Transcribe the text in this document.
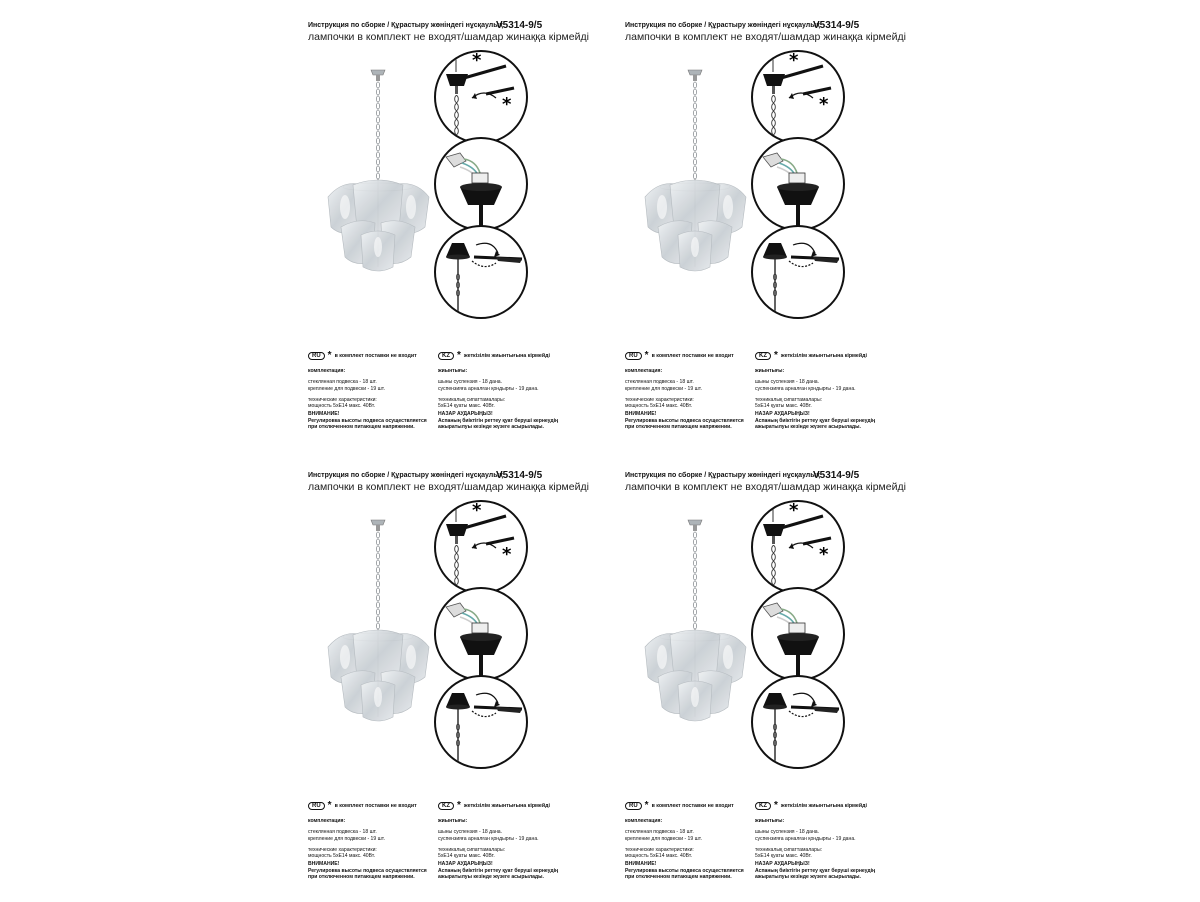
Инструкция по сборке / Құрастыру жөніндегі нұсқаулық
V5314-9/5
лампочки в комплект не входят/шамдар жинаққа кірмейді
*
*
RU * в комплект поставки не входит
комплектация:
стеклянная подвеска - 18 шт.
крепление для подвески - 19 шт.
технические характеристики:
мощность 5xE14 макс. 40Вт.
ВНИМАНИЕ!
Регулировка высоты подвеса осуществляется
при отключенном питающем напряжении.
KZ * жеткізілім жиынтығына кірмейді
жиынтығы:
шыны суспензия - 18 дана.
суспензияға арналған қондырғы - 19 дана.
техникалық сипаттамалары:
5xE14 қуаты макс. 40Вт.
НАЗАР АУДАРЫҢЫЗ!
Аспаның биіктігін реттеу қуат беруші кернеудің
ажыратылуы кезінде жүзеге асырылады.
Инструкция по сборке / Құрастыру жөніндегі нұсқаулық
V5314-9/5
лампочки в комплект не входят/шамдар жинаққа кірмейді
*
*
RU * в комплект поставки не входит
комплектация:
стеклянная подвеска - 18 шт.
крепление для подвески - 19 шт.
технические характеристики:
мощность 5xE14 макс. 40Вт.
ВНИМАНИЕ!
Регулировка высоты подвеса осуществляется
при отключенном питающем напряжении.
KZ * жеткізілім жиынтығына кірмейді
жиынтығы:
шыны суспензия - 18 дана.
суспензияға арналған қондырғы - 19 дана.
техникалық сипаттамалары:
5xE14 қуаты макс. 40Вт.
НАЗАР АУДАРЫҢЫЗ!
Аспаның биіктігін реттеу қуат беруші кернеудің
ажыратылуы кезінде жүзеге асырылады.
Инструкция по сборке / Құрастыру жөніндегі нұсқаулық
V5314-9/5
лампочки в комплект не входят/шамдар жинаққа кірмейді
*
*
RU * в комплект поставки не входит
комплектация:
стеклянная подвеска - 18 шт.
крепление для подвески - 19 шт.
технические характеристики:
мощность 5xE14 макс. 40Вт.
ВНИМАНИЕ!
Регулировка высоты подвеса осуществляется
при отключенном питающем напряжении.
KZ * жеткізілім жиынтығына кірмейді
жиынтығы:
шыны суспензия - 18 дана.
суспензияға арналған қондырғы - 19 дана.
техникалық сипаттамалары:
5xE14 қуаты макс. 40Вт.
НАЗАР АУДАРЫҢЫЗ!
Аспаның биіктігін реттеу қуат беруші кернеудің
ажыратылуы кезінде жүзеге асырылады.
Инструкция по сборке / Құрастыру жөніндегі нұсқаулық
V5314-9/5
лампочки в комплект не входят/шамдар жинаққа кірмейді
*
*
RU * в комплект поставки не входит
комплектация:
стеклянная подвеска - 18 шт.
крепление для подвески - 19 шт.
технические характеристики:
мощность 5xE14 макс. 40Вт.
ВНИМАНИЕ!
Регулировка высоты подвеса осуществляется
при отключенном питающем напряжении.
KZ * жеткізілім жиынтығына кірмейді
жиынтығы:
шыны суспензия - 18 дана.
суспензияға арналған қондырғы - 19 дана.
техникалық сипаттамалары:
5xE14 қуаты макс. 40Вт.
НАЗАР АУДАРЫҢЫЗ!
Аспаның биіктігін реттеу қуат беруші кернеудің
ажыратылуы кезінде жүзеге асырылады.
